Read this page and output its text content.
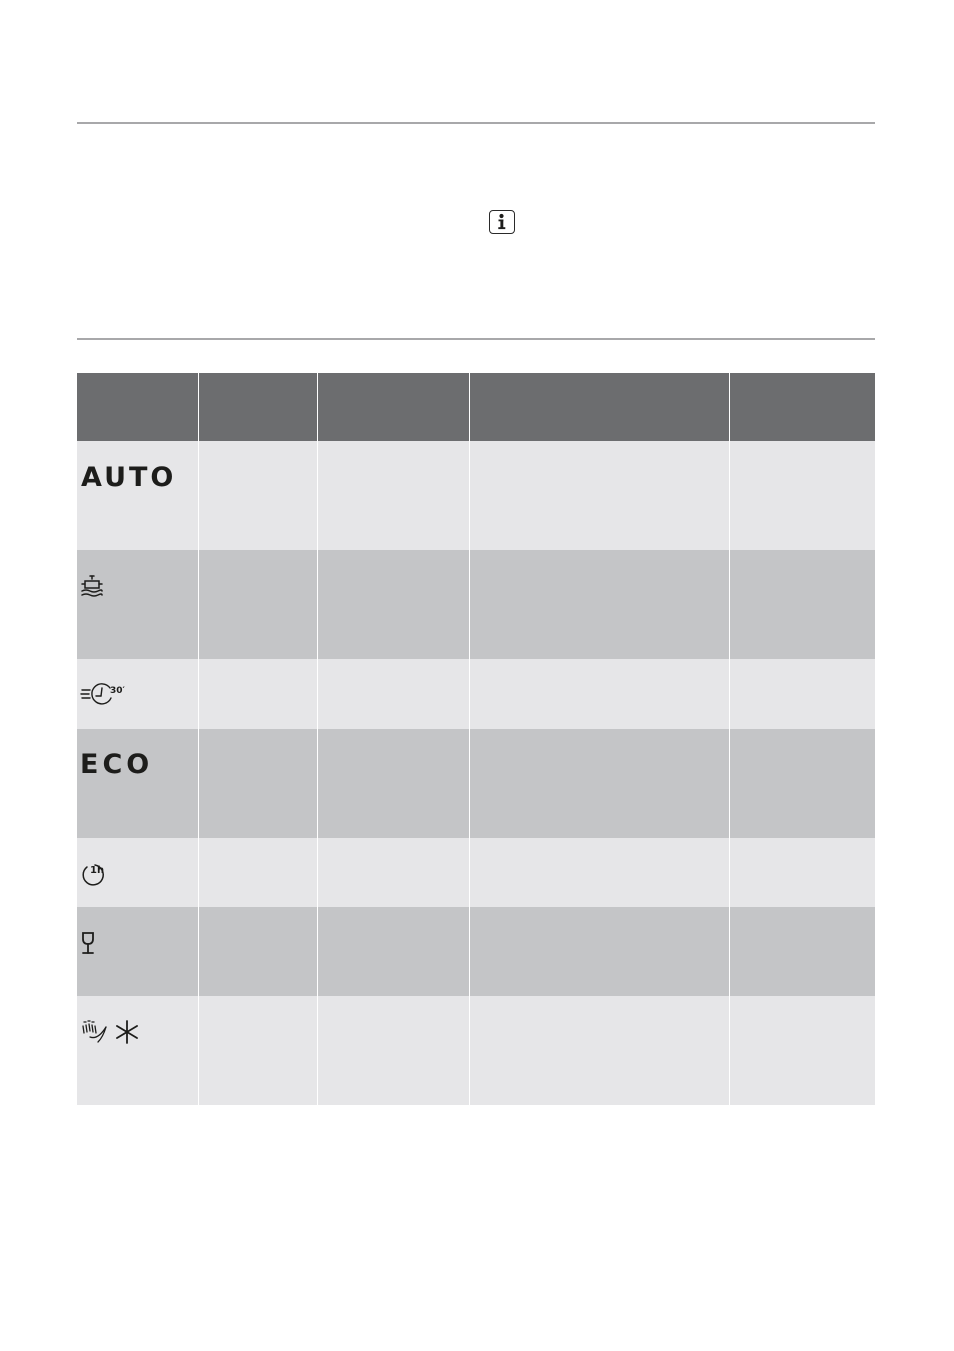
AUTO
30′
ECO
1h
